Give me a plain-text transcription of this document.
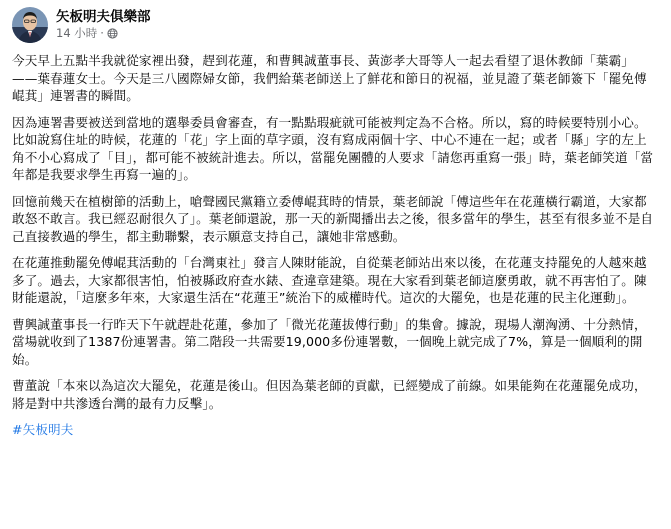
矢板明夫俱樂部
14 小時 ·

今天早上五點半我就從家裡出發，趕到花蓮，和曹興誠董事長、黃澎孝大哥等人一起去看望了退休教師「葉霸」——葉春蓮女士。今天是三八國際婦女節，我們給葉老師送上了鮮花和節日的祝福，並見證了葉老師簽下「罷免傅崐萁」連署書的瞬間。

因為連署書要被送到當地的選舉委員會審查，有一點點瑕疵就可能被判定為不合格。所以，寫的時候要特別小心。比如說寫住址的時候，花蓮的「花」字上面的草字頭，沒有寫成兩個十字、中心不連在一起；或者「縣」字的左上角不小心寫成了「目」，都可能不被統計進去。所以，當罷免團體的人要求「請您再重寫一張」時，葉老師笑道「當年都是我要求學生再寫一遍的」。

回憶前幾天在植樹節的活動上，嗆聲國民黨籍立委傅崐萁時的情景，葉老師說「傅這些年在花蓮橫行霸道，大家都敢怒不敢言。我已經忍耐很久了」。葉老師還說，那一天的新聞播出去之後，很多當年的學生，甚至有很多並不是自己直接教過的學生，都主動聯繫，表示願意支持自己，讓她非常感動。

在花蓮推動罷免傅崐萁活動的「台灣東社」發言人陳財能說，自從葉老師站出來以後，在花蓮支持罷免的人越來越多了。過去，大家都很害怕，怕被縣政府查水錶、查違章建築。現在大家看到葉老師這麼勇敢，就不再害怕了。陳財能還說，「這麼多年來，大家還生活在“花蓮王”統治下的威權時代。這次的大罷免，也是花蓮的民主化運動」。

曹興誠董事長一行昨天下午就趕赴花蓮，參加了「微光花蓮拔傅行動」的集會。據說，現場人潮洶湧、十分熱情，當場就收到了1387份連署書。第二階段一共需要19,000多份連署數，一個晚上就完成了7%，算是一個順利的開始。

曹董說「本來以為這次大罷免，花蓮是後山。但因為葉老師的貢獻，已經變成了前線。如果能夠在花蓮罷免成功，將是對中共滲透台灣的最有力反擊」。

#矢板明夫
